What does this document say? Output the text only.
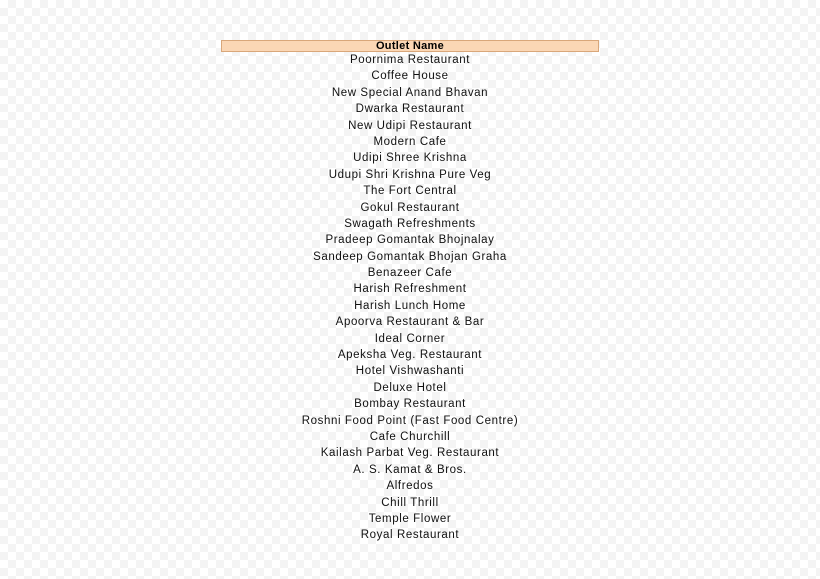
Outlet Name
Poornima Restaurant
Coffee House
New Special Anand Bhavan
Dwarka Restaurant
New Udipi Restaurant
Modern Cafe
Udipi Shree Krishna
Udupi Shri Krishna Pure Veg
The Fort Central
Gokul Restaurant
Swagath Refreshments
Pradeep Gomantak Bhojnalay
Sandeep Gomantak Bhojan Graha
Benazeer Cafe
Harish Refreshment
Harish Lunch Home
Apoorva Restaurant & Bar
Ideal Corner
Apeksha Veg. Restaurant
Hotel Vishwashanti
Deluxe Hotel
Bombay Restaurant
Roshni Food Point (Fast Food Centre)
Cafe Churchill
Kailash Parbat Veg. Restaurant
A. S. Kamat & Bros.
Alfredos
Chill Thrill
Temple Flower
Royal Restaurant
